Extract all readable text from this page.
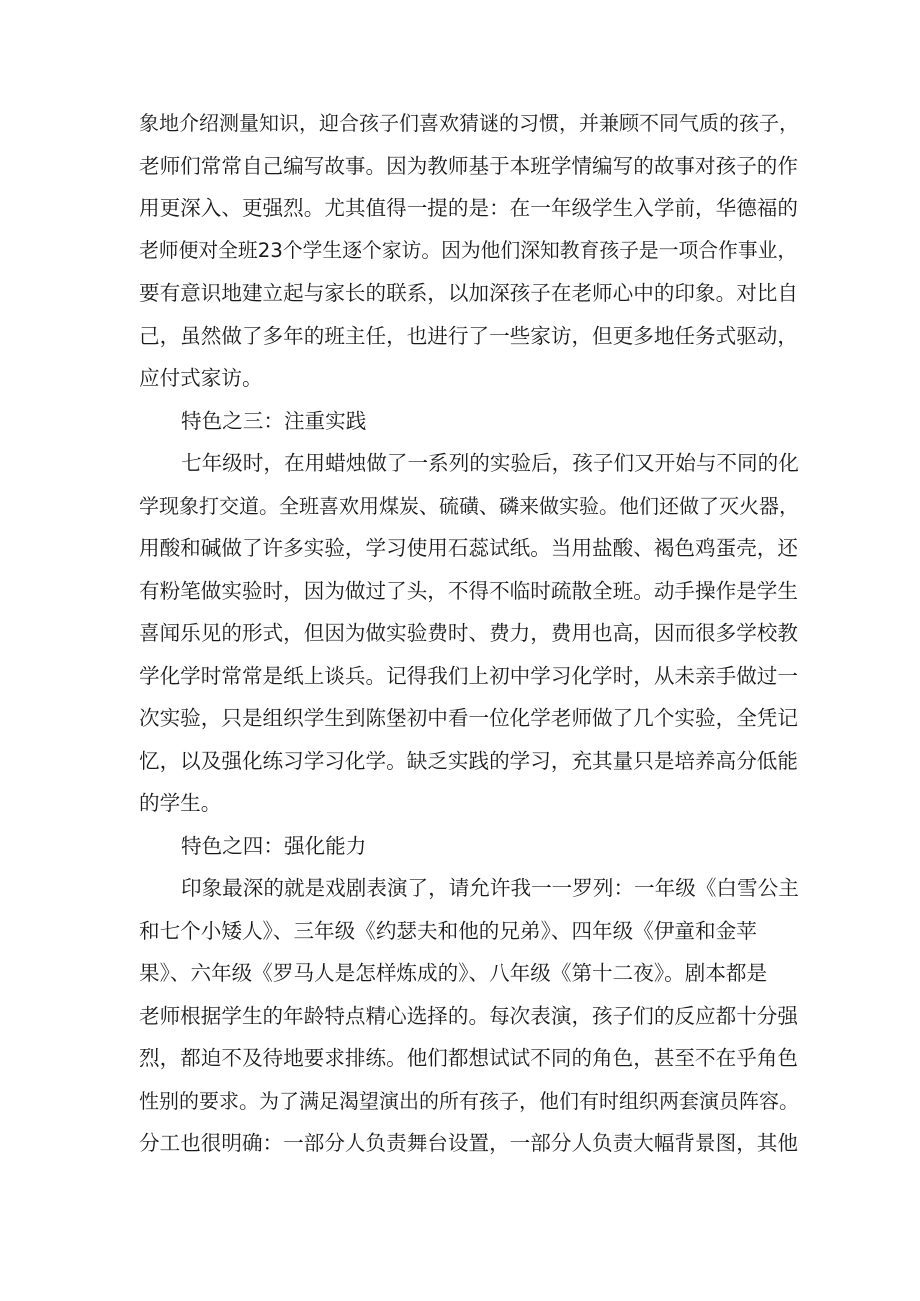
象地介绍测量知识，迎合孩子们喜欢猜谜的习惯，并兼顾不同气质的孩子，
老师们常常自己编写故事。因为教师基于本班学情编写的故事对孩子的作
用更深入、更强烈。尤其值得一提的是：在一年级学生入学前，华德福的
老师便对全班23个学生逐个家访。因为他们深知教育孩子是一项合作事业，
要有意识地建立起与家长的联系，以加深孩子在老师心中的印象。对比自
己，虽然做了多年的班主任，也进行了一些家访，但更多地任务式驱动，
应付式家访。
特色之三：注重实践
七年级时，在用蜡烛做了一系列的实验后，孩子们又开始与不同的化
学现象打交道。全班喜欢用煤炭、硫磺、磷来做实验。他们还做了灭火器，
用酸和碱做了许多实验，学习使用石蕊试纸。当用盐酸、褐色鸡蛋壳，还
有粉笔做实验时，因为做过了头，不得不临时疏散全班。动手操作是学生
喜闻乐见的形式，但因为做实验费时、费力，费用也高，因而很多学校教
学化学时常常是纸上谈兵。记得我们上初中学习化学时，从未亲手做过一
次实验，只是组织学生到陈堡初中看一位化学老师做了几个实验，全凭记
忆，以及强化练习学习化学。缺乏实践的学习，充其量只是培养高分低能
的学生。
特色之四：强化能力
印象最深的就是戏剧表演了，请允许我一一罗列：一年级《白雪公主
和七个小矮人》、三年级《约瑟夫和他的兄弟》、四年级《伊童和金苹
果》、六年级《罗马人是怎样炼成的》、八年级《第十二夜》。剧本都是
老师根据学生的年龄特点精心选择的。每次表演，孩子们的反应都十分强
烈，都迫不及待地要求排练。他们都想试试不同的角色，甚至不在乎角色
性别的要求。为了满足渴望演出的所有孩子，他们有时组织两套演员阵容。
分工也很明确：一部分人负责舞台设置，一部分人负责大幅背景图，其他
